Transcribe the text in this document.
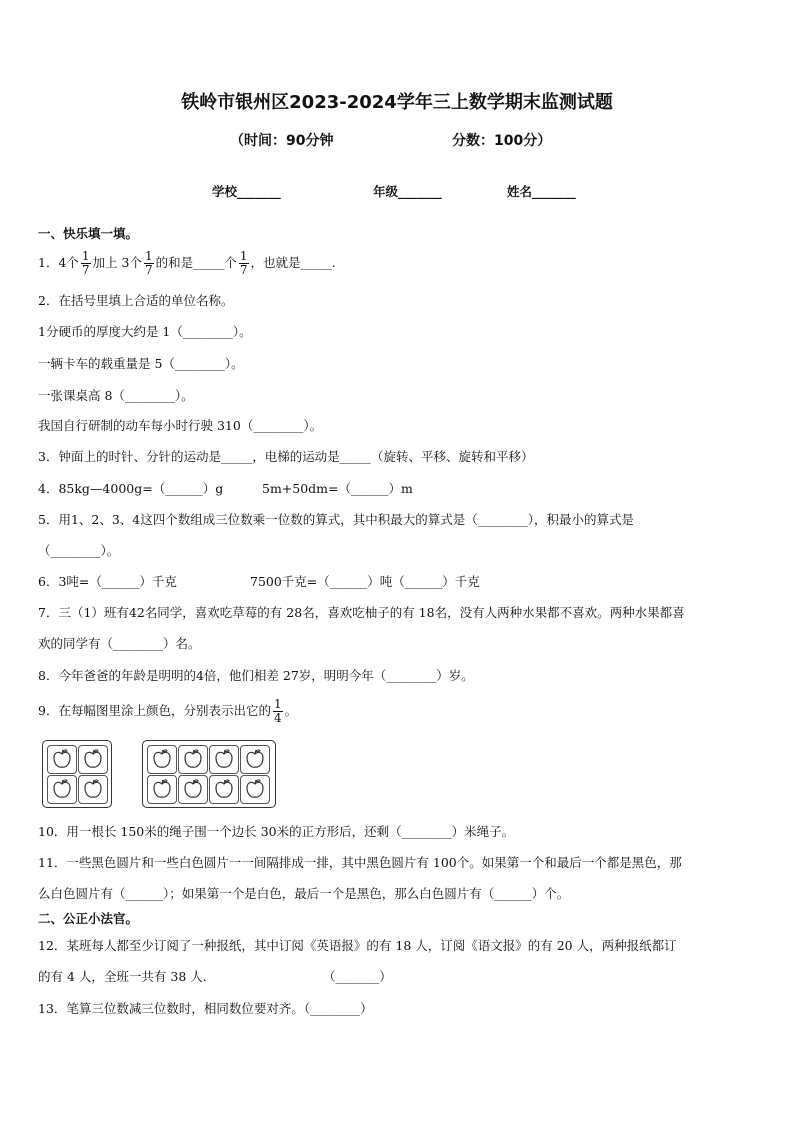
铁岭市银州区2023-2024学年三上数学期末监测试题
（时间：90分钟	分数：100分）
学校_______	年级_______	姓名_______
一、快乐填一填。
1．4个 $\frac{1}{7}$ 加上 3个 $\frac{1}{7}$ 的和是_____个 $\frac{1}{7}$ ，也就是_____.
2．在括号里填上合适的单位名称。
1分硬币的厚度大约是 1（________）。
一辆卡车的载重量是 5（________）。
一张课桌高 8（________）。
我国自行研制的动车每小时行驶 310（________）。
3．钟面上的时针、分针的运动是_____，电梯的运动是_____（旋转、平移、旋转和平移）
4．85kg—4000g=（______）g	5m+50dm=（______）m
5．用1、2、3、4这四个数组成三位数乘一位数的算式，其中积最大的算式是（________），积最小的算式是
（________）。
6．3吨=（______）千克	7500千克=（______）吨（______）千克
7．三（1）班有42名同学，喜欢吃草莓的有 28名，喜欢吃柚子的有 18名，没有人两种水果都不喜欢。两种水果都喜
欢的同学有（________）名。
8．今年爸爸的年龄是明明的4倍，他们相差 27岁，明明今年（________）岁。
9．在每幅图里涂上颜色，分别表示出它的 $\frac{1}{4}$ 。
10．用一根长 150米的绳子围一个边长 30米的正方形后，还剩（________）米绳子。
11．一些黑色圆片和一些白色圆片一一间隔排成一排，其中黑色圆片有 100个。如果第一个和最后一个都是黑色，那
么白色圆片有（______）；如果第一个是白色，最后一个是黑色，那么白色圆片有（______）个。
二、公正小法官。
12．某班每人都至少订阅了一种报纸，其中订阅《英语报》的有 18 人，订阅《语文报》的有 20 人，两种报纸都订
的有 4 人，全班一共有 38 人．	（_______）
13．笔算三位数减三位数时，相同数位要对齐。（________）
